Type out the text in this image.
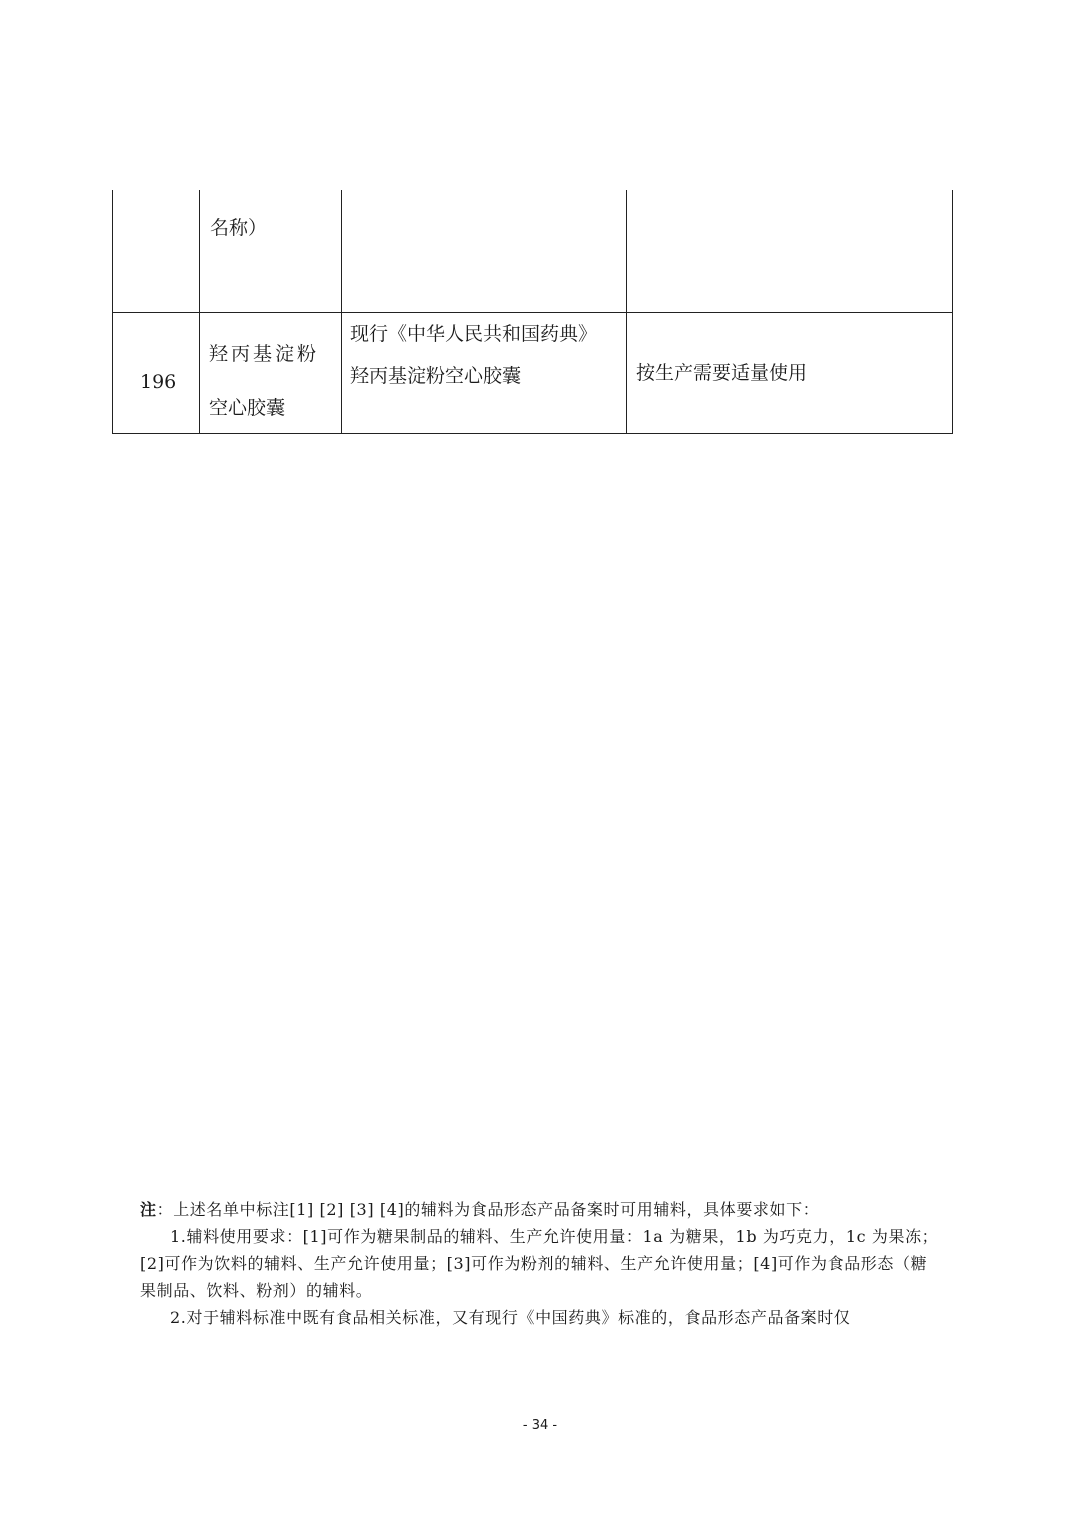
名称）
196
羟丙基淀粉
空心胶囊
现行《中华人民共和国药典》
羟丙基淀粉空心胶囊	按生产需要适量使用

注：上述名单中标注[1] [2] [3] [4]的辅料为食品形态产品备案时可用辅料，具体要求如下：

1.辅料使用要求：[1]可作为糖果制品的辅料、生产允许使用量：1a 为糖果，1b 为巧克力，1c 为果冻；[2]可作为饮料的辅料、生产允许使用量；[3]可作为粉剂的辅料、生产允许使用量；[4]可作为食品形态（糖果制品、饮料、粉剂）的辅料。

2.对于辅料标准中既有食品相关标准，又有现行《中国药典》标准的，食品形态产品备案时仅

- 34 -
